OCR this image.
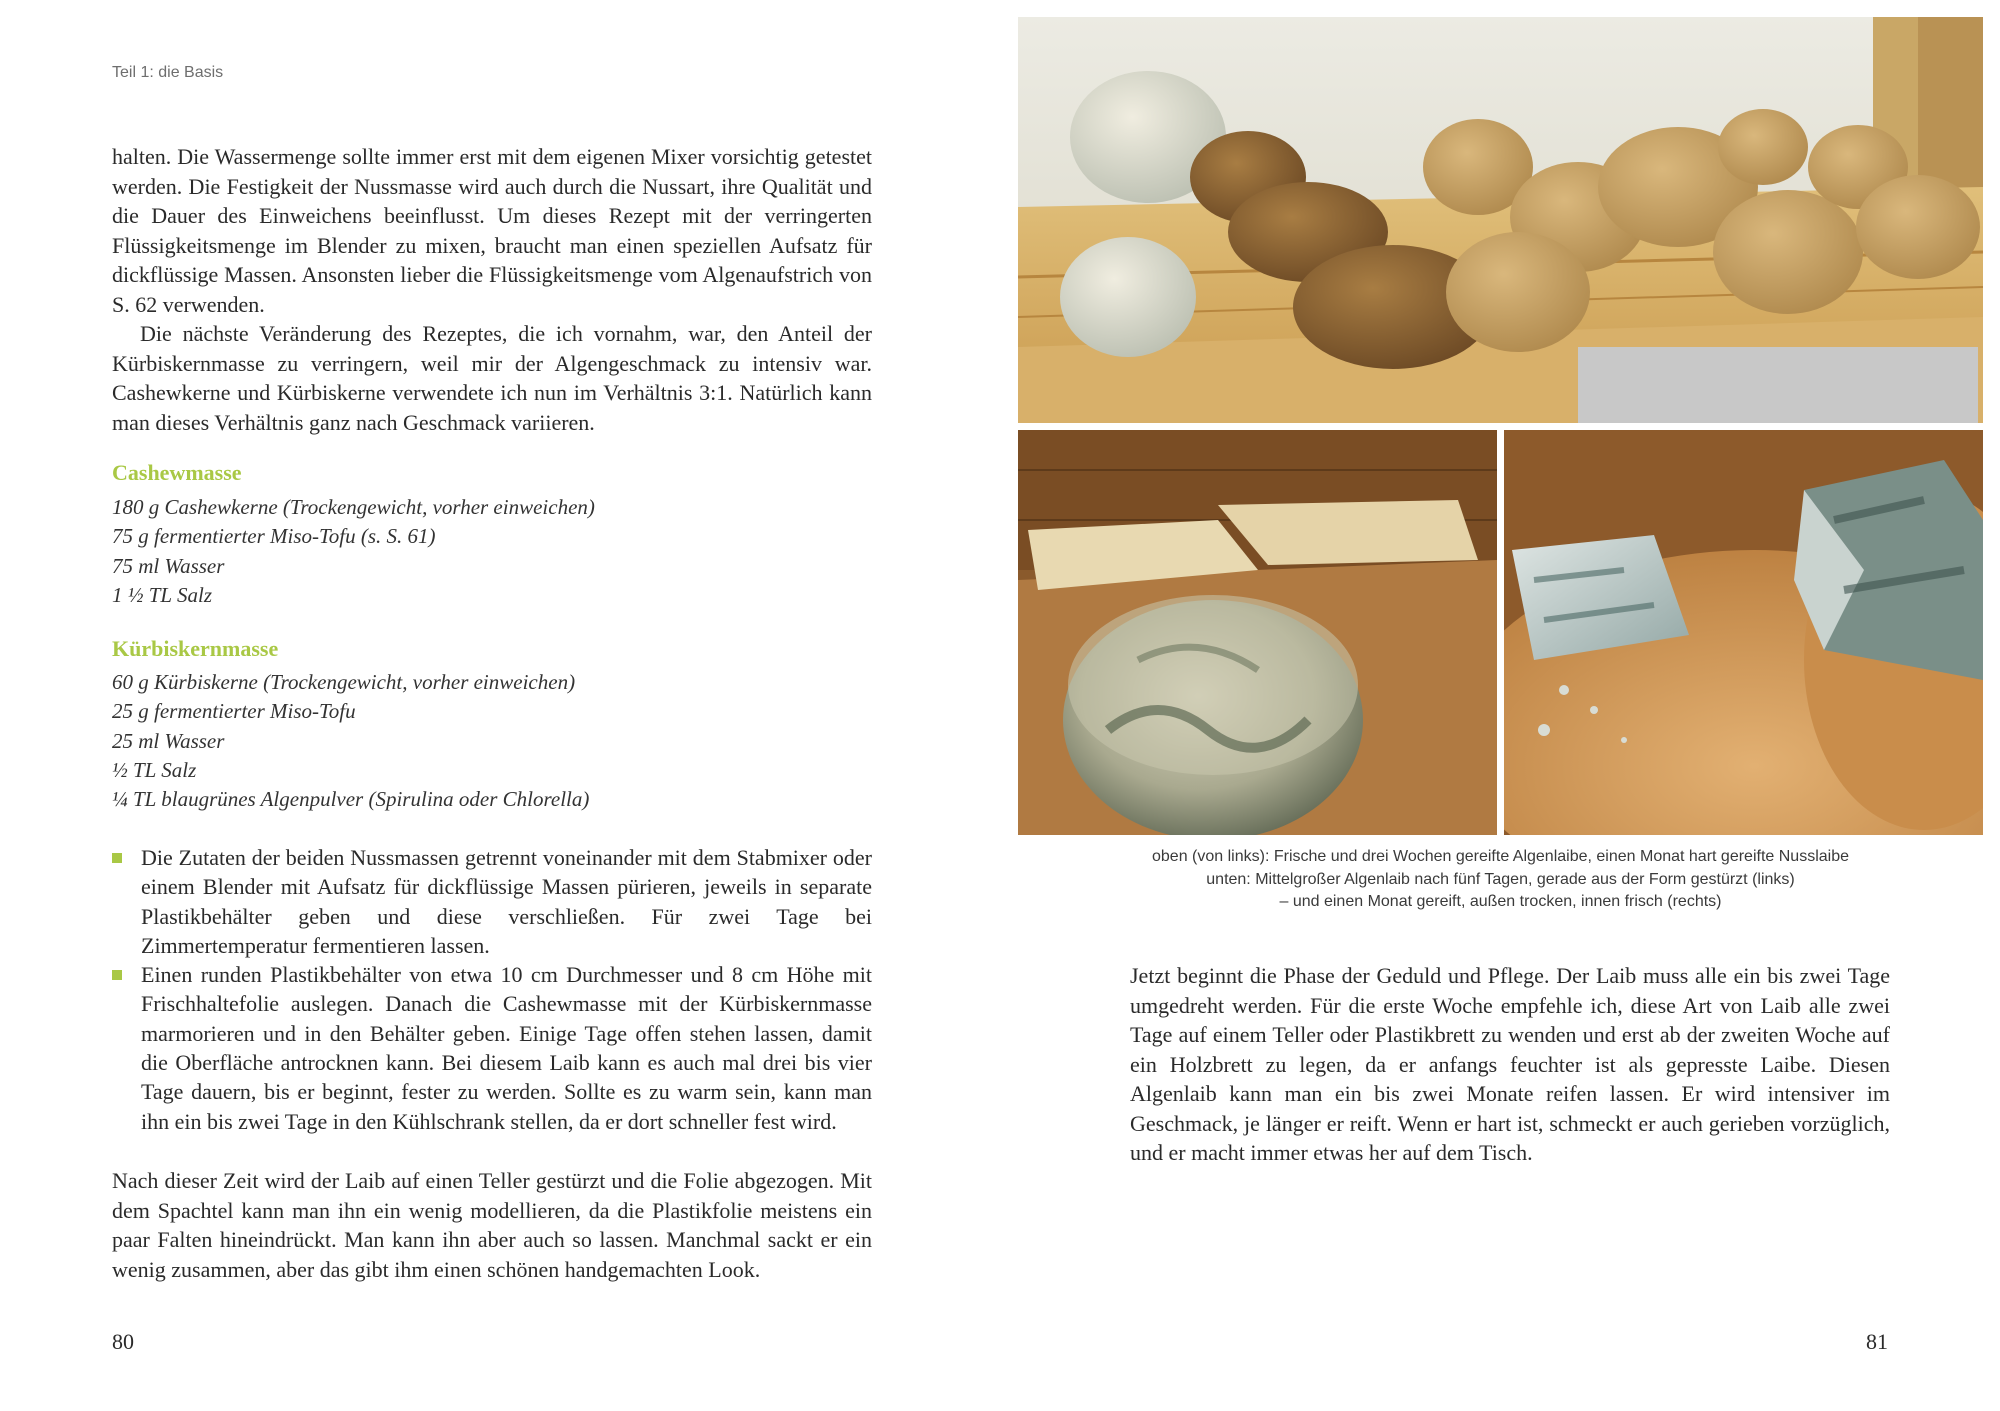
Teil 1: die Basis

halten. Die Wassermenge sollte immer erst mit dem eigenen Mixer vorsichtig getestet werden. Die Festigkeit der Nussmasse wird auch durch die Nussart, ihre Qualität und die Dauer des Einweichens beeinflusst. Um dieses Rezept mit der verringerten Flüssigkeitsmenge im Blender zu mixen, braucht man einen speziellen Aufsatz für dickflüssige Massen. Ansonsten lieber die Flüssigkeitsmenge vom Algenaufstrich von S. 62 verwenden.

Die nächste Veränderung des Rezeptes, die ich vornahm, war, den Anteil der Kürbiskernmasse zu verringern, weil mir der Algengeschmack zu intensiv war. Cashewkerne und Kürbiskerne verwendete ich nun im Verhältnis 3:1. Natürlich kann man dieses Verhältnis ganz nach Geschmack variieren.

Cashewmasse
180 g Cashewkerne (Trockengewicht, vorher einweichen)
75 g fermentierter Miso-Tofu (s. S. 61)
75 ml Wasser
1 ½ TL Salz
Kürbiskernmasse
60 g Kürbiskerne (Trockengewicht, vorher einweichen)
25 g fermentierter Miso-Tofu
25 ml Wasser
½ TL Salz
¼ TL blaugrünes Algenpulver (Spirulina oder Chlorella)
Die Zutaten der beiden Nussmassen getrennt voneinander mit dem Stabmixer oder einem Blender mit Aufsatz für dickflüssige Massen pürieren, jeweils in separate Plastikbehälter geben und diese verschließen. Für zwei Tage bei Zimmertemperatur fermentieren lassen.
Einen runden Plastikbehälter von etwa 10 cm Durchmesser und 8 cm Höhe mit Frischhaltefolie auslegen. Danach die Cashewmasse mit der Kürbiskernmasse marmorieren und in den Behälter geben. Einige Tage offen stehen lassen, damit die Oberfläche antrocknen kann. Bei diesem Laib kann es auch mal drei bis vier Tage dauern, bis er beginnt, fester zu werden. Sollte es zu warm sein, kann man ihn ein bis zwei Tage in den Kühlschrank stellen, da er dort schneller fest wird.

Nach dieser Zeit wird der Laib auf einen Teller gestürzt und die Folie abgezogen. Mit dem Spachtel kann man ihn ein wenig modellieren, da die Plastikfolie meistens ein paar Falten hineindrückt. Man kann ihn aber auch so lassen. Manchmal sackt er ein wenig zusammen, aber das gibt ihm einen schönen handgemachten Look.

80
oben (von links): Frische und drei Wochen gereifte Algenlaibe, einen Monat hart gereifte Nusslaibe
unten: Mittelgroßer Algenlaib nach fünf Tagen, gerade aus der Form gestürzt (links)
– und einen Monat gereift, außen trocken, innen frisch (rechts)

Jetzt beginnt die Phase der Geduld und Pflege. Der Laib muss alle ein bis zwei Tage umgedreht werden. Für die erste Woche empfehle ich, diese Art von Laib alle zwei Tage auf einem Teller oder Plastikbrett zu wenden und erst ab der zweiten Woche auf ein Holzbrett zu legen, da er anfangs feuchter ist als gepresste Laibe. Diesen Algenlaib kann man ein bis zwei Monate reifen lassen. Er wird intensiver im Geschmack, je länger er reift. Wenn er hart ist, schmeckt er auch gerieben vorzüglich, und er macht immer etwas her auf dem Tisch.

81
